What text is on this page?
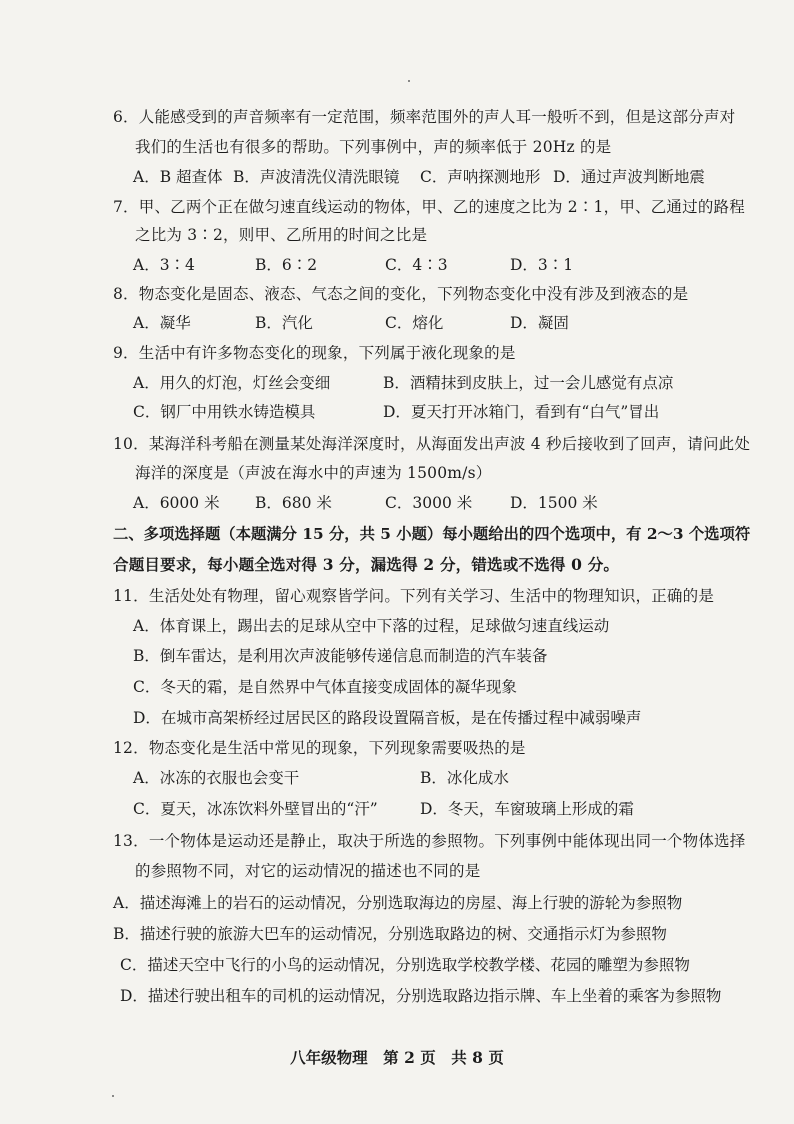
6．人能感受到的声音频率有一定范围，频率范围外的声人耳一般听不到，但是这部分声对
我们的生活也有很多的帮助。下列事例中，声的频率低于 20Hz 的是
A．B 超查体 B．声波清洗仪清洗眼镜 C．声呐探测地形 D．通过声波判断地震
7．甲、乙两个正在做匀速直线运动的物体，甲、乙的速度之比为 2∶1，甲、乙通过的路程
之比为 3∶2，则甲、乙所用的时间之比是
A．3∶4	B．6∶2	C．4∶3	D．3∶1
8．物态变化是固态、液态、气态之间的变化，下列物态变化中没有涉及到液态的是
A．凝华	B．汽化	C．熔化	D．凝固
9．生活中有许多物态变化的现象，下列属于液化现象的是
A．用久的灯泡，灯丝会变细	B．酒精抹到皮肤上，过一会儿感觉有点凉
C．钢厂中用铁水铸造模具	D．夏天打开冰箱门，看到有“白气”冒出
10．某海洋科考船在测量某处海洋深度时，从海面发出声波 4 秒后接收到了回声，请问此处
海洋的深度是（声波在海水中的声速为 1500m/s）
A．6000 米 B．680 米	C．3000 米 D．1500 米
二、多项选择题（本题满分 15 分，共 5 小题）每小题给出的四个选项中，有 2～3 个选项符
合题目要求，每小题全选对得 3 分，漏选得 2 分，错选或不选得 0 分。
11．生活处处有物理，留心观察皆学问。下列有关学习、生活中的物理知识，正确的是
A．体育课上，踢出去的足球从空中下落的过程，足球做匀速直线运动
B．倒车雷达，是利用次声波能够传递信息而制造的汽车装备
C．冬天的霜，是自然界中气体直接变成固体的凝华现象
D．在城市高架桥经过居民区的路段设置隔音板，是在传播过程中减弱噪声
12．物态变化是生活中常见的现象，下列现象需要吸热的是
A．冰冻的衣服也会变干	B．冰化成水
C．夏天，冰冻饮料外壁冒出的“汗”	D．冬天，车窗玻璃上形成的霜
13．一个物体是运动还是静止，取决于所选的参照物。下列事例中能体现出同一个物体选择
的参照物不同，对它的运动情况的描述也不同的是
A．描述海滩上的岩石的运动情况，分别选取海边的房屋、海上行驶的游轮为参照物
B．描述行驶的旅游大巴车的运动情况，分别选取路边的树、交通指示灯为参照物
C．描述天空中飞行的小鸟的运动情况，分别选取学校教学楼、花园的雕塑为参照物
D．描述行驶出租车的司机的运动情况，分别选取路边指示牌、车上坐着的乘客为参照物
八年级物理　第 2 页　共 8 页
